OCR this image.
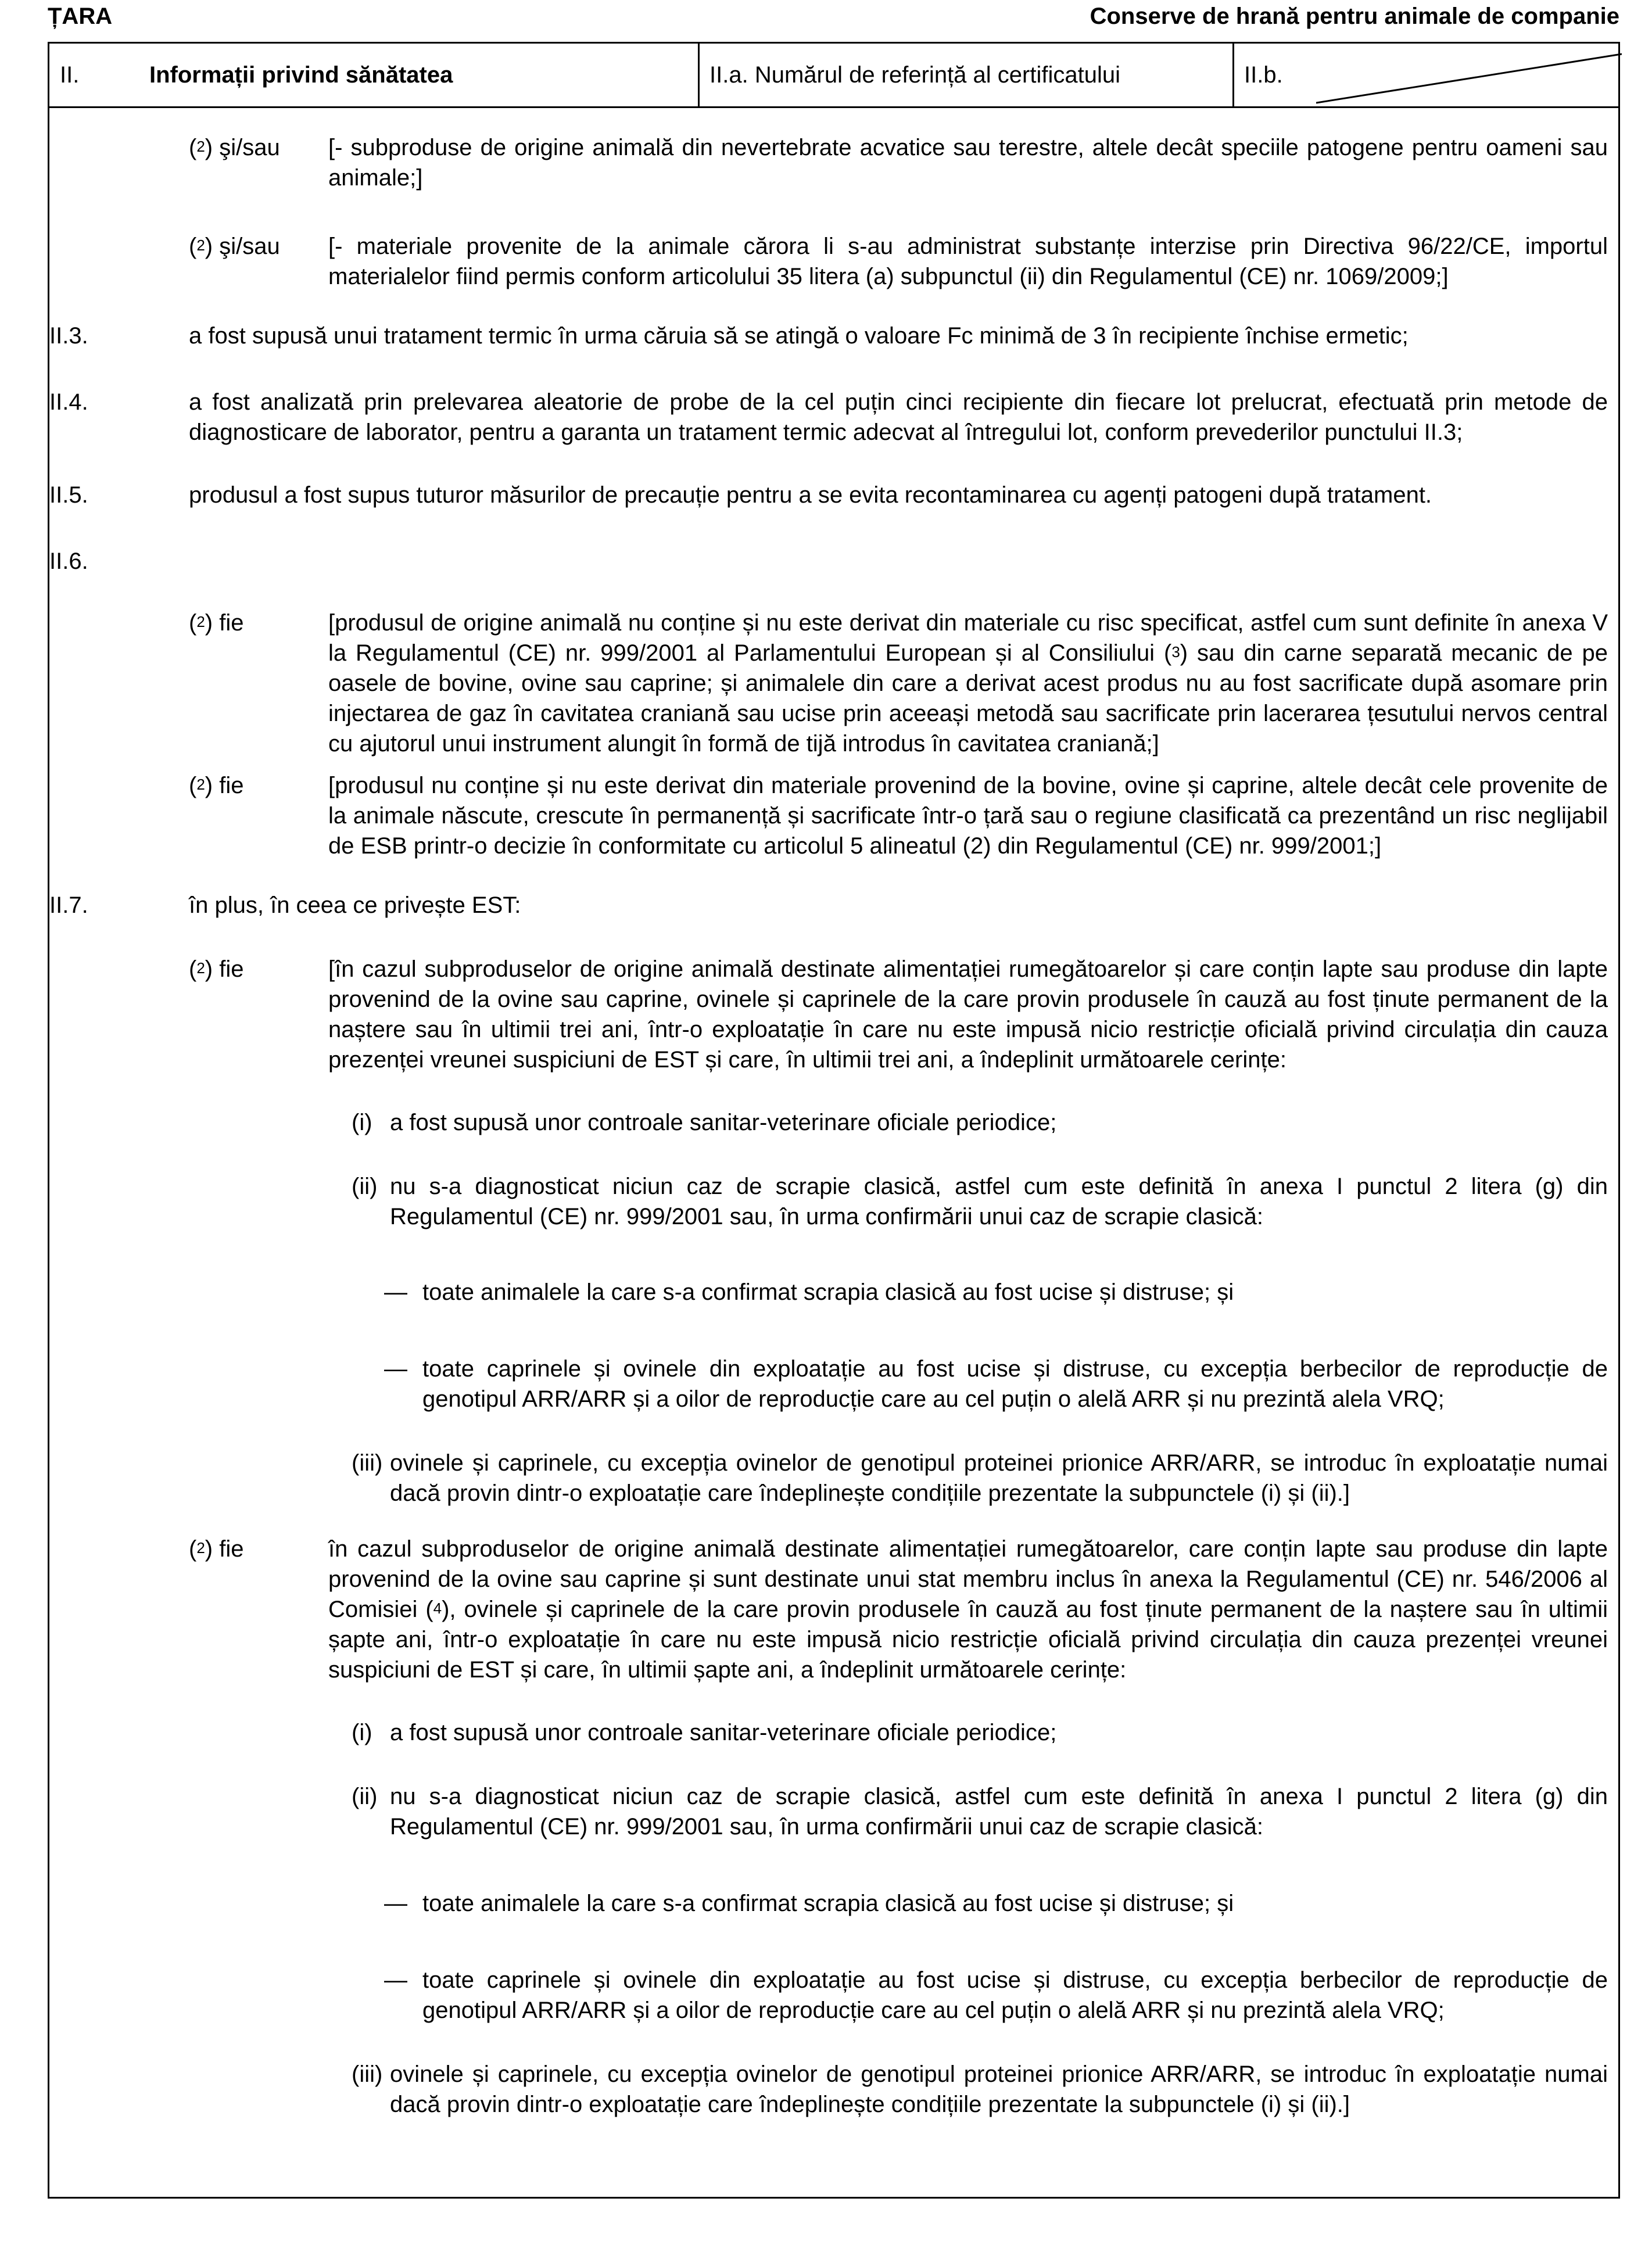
ȚARA	Conserve de hrană pentru animale de companie
II.	Informații privind sănătatea	II.a. Numărul de referință al certificatului	II.b.
($^2$) şi/sau [- subproduse de origine animală din nevertebrate acvatice sau terestre, altele decât speciile patogene pentru oameni sau animale;]
($^2$) şi/sau [- materiale provenite de la animale cărora li s-au administrat substanțe interzise prin Directiva 96/22/CE, importul materialelor fiind permis conform articolului 35 litera (a) subpunctul (ii) din Regulamentul (CE) nr. 1069/2009;]
II.3.	a fost supusă unui tratament termic în urma căruia să se atingă o valoare Fc minimă de 3 în recipiente închise ermetic;
II.4.	a fost analizată prin prelevarea aleatorie de probe de la cel puțin cinci recipiente din fiecare lot prelucrat, efectuată prin metode de diagnosticare de laborator, pentru a garanta un tratament termic adecvat al întregului lot, conform prevederilor punctului II.3;
II.5.	produsul a fost supus tuturor măsurilor de precauție pentru a se evita recontaminarea cu agenți patogeni după tratament.
II.6.
($^2$) fie	[produsul de origine animală nu conține și nu este derivat din materiale cu risc specificat, astfel cum sunt definite în anexa V la Regulamentul (CE) nr. 999/2001 al Parlamentului European și al Consiliului ($^3$) sau din carne separată mecanic de pe oasele de bovine, ovine sau caprine; și animalele din care a derivat acest produs nu au fost sacrificate după asomare prin injectarea de gaz în cavitatea craniană sau ucise prin aceeași metodă sau sacrificate prin lacerarea țesutului nervos central cu ajutorul unui instrument alungit în formă de tijă introdus în cavitatea craniană;]
($^2$) fie	[produsul nu conține și nu este derivat din materiale provenind de la bovine, ovine și caprine, altele decât cele provenite de la animale născute, crescute în permanență și sacrificate într-o țară sau o regiune clasificată ca prezentând un risc neglijabil de ESB printr-o decizie în conformitate cu articolul 5 alineatul (2) din Regulamentul (CE) nr. 999/2001;]
II.7.	în plus, în ceea ce privește EST:
($^2$) fie	[în cazul subproduselor de origine animală destinate alimentației rumegătoarelor și care conțin lapte sau produse din lapte provenind de la ovine sau caprine, ovinele și caprinele de la care provin produsele în cauză au fost ținute permanent de la naștere sau în ultimii trei ani, într-o exploatație în care nu este impusă nicio restricție oficială privind circulația din cauza prezenței vreunei suspiciuni de EST și care, în ultimii trei ani, a îndeplinit următoarele cerințe:
(i) a fost supusă unor controale sanitar-veterinare oficiale periodice;
(ii) nu s-a diagnosticat niciun caz de scrapie clasică, astfel cum este definită în anexa I punctul 2 litera (g) din Regulamentul (CE) nr. 999/2001 sau, în urma confirmării unui caz de scrapie clasică:
— toate animalele la care s-a confirmat scrapia clasică au fost ucise și distruse; și
— toate caprinele și ovinele din exploatație au fost ucise și distruse, cu excepția berbecilor de reproducție de genotipul ARR/ARR și a oilor de reproducție care au cel puțin o alelă ARR și nu prezintă alela VRQ;
(iii) ovinele și caprinele, cu excepția ovinelor de genotipul proteinei prionice ARR/ARR, se introduc în exploatație numai dacă provin dintr-o exploatație care îndeplinește condițiile prezentate la subpunctele (i) și (ii).]
($^2$) fie	în cazul subproduselor de origine animală destinate alimentației rumegătoarelor, care conțin lapte sau produse din lapte provenind de la ovine sau caprine și sunt destinate unui stat membru inclus în anexa la Regulamentul (CE) nr. 546/2006 al Comisiei ($^4$), ovinele și caprinele de la care provin produsele în cauză au fost ținute permanent de la naștere sau în ultimii șapte ani, într-o exploatație în care nu este impusă nicio restricție oficială privind circulația din cauza prezenței vreunei suspiciuni de EST și care, în ultimii șapte ani, a îndeplinit următoarele cerințe:
(i) a fost supusă unor controale sanitar-veterinare oficiale periodice;
(ii) nu s-a diagnosticat niciun caz de scrapie clasică, astfel cum este definită în anexa I punctul 2 litera (g) din Regulamentul (CE) nr. 999/2001 sau, în urma confirmării unui caz de scrapie clasică:
— toate animalele la care s-a confirmat scrapia clasică au fost ucise și distruse; și
— toate caprinele și ovinele din exploatație au fost ucise și distruse, cu excepția berbecilor de reproducție de genotipul ARR/ARR și a oilor de reproducție care au cel puțin o alelă ARR și nu prezintă alela VRQ;
(iii) ovinele și caprinele, cu excepția ovinelor de genotipul proteinei prionice ARR/ARR, se introduc în exploatație numai dacă provin dintr-o exploatație care îndeplinește condițiile prezentate la subpunctele (i) și (ii).]
